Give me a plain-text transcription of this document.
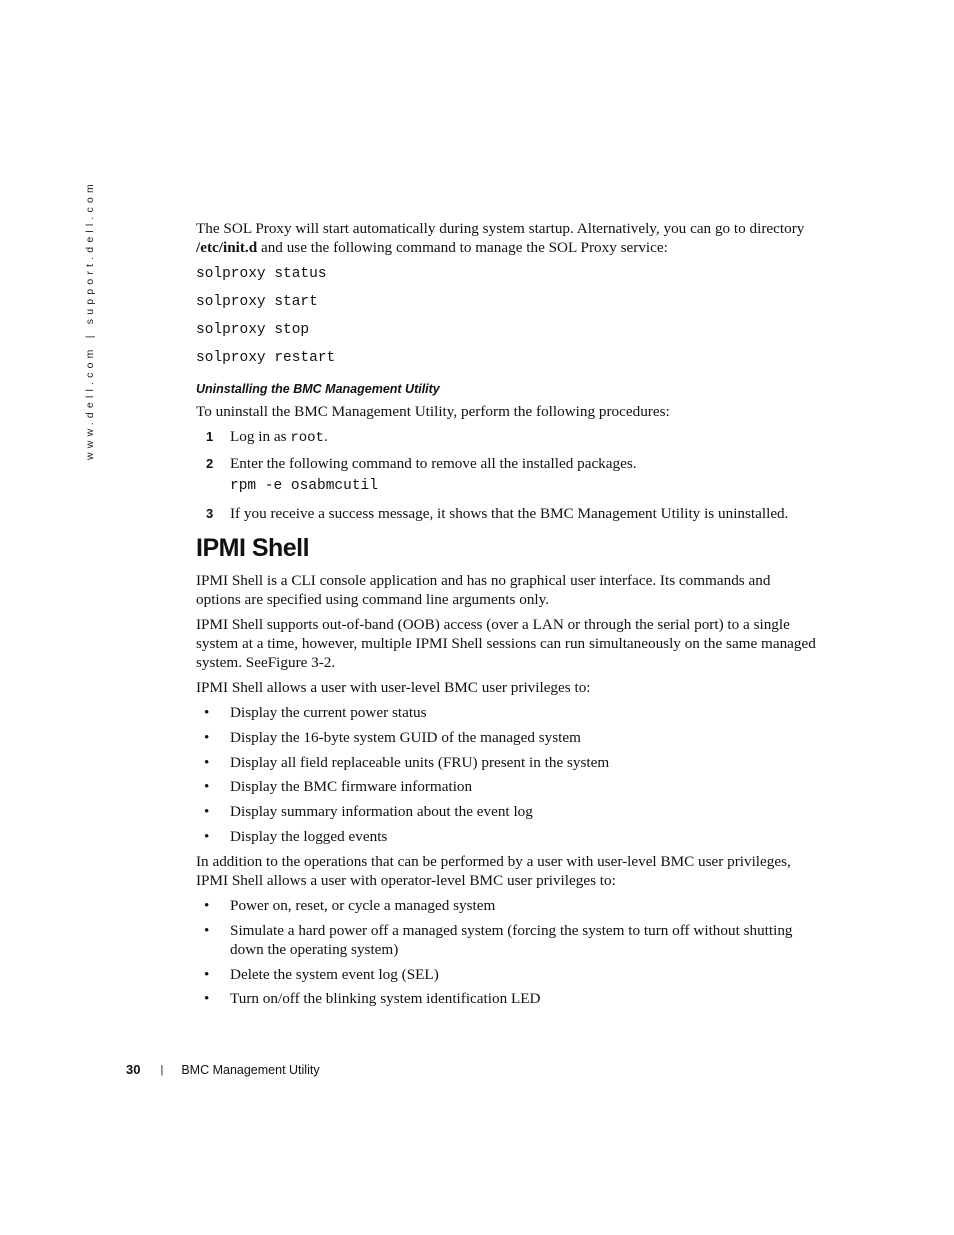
www.dell.com | support.dell.com	The SOL Proxy will start automatically during system startup. Alternatively, you can go to directory /etc/init.d and use the following command to manage the SOL Proxy service:

solproxy status
solproxy start
solproxy stop
solproxy restart
Uninstalling the BMC Management Utility

To uninstall the BMC Management Utility, perform the following procedures:

1	Log in as root.
2	Enter the following command to remove all the installed packages.
rpm -e osabmcutil
3	If you receive a success message, it shows that the BMC Management Utility is uninstalled.
IPMI Shell

IPMI Shell is a CLI console application and has no graphical user interface. Its commands and options are specified using command line arguments only.

IPMI Shell supports out-of-band (OOB) access (over a LAN or through the serial port) to a single system at a time, however, multiple IPMI Shell sessions can run simultaneously on the same managed system. SeeFigure 3-2.

IPMI Shell allows a user with user-level BMC user privileges to:

•	Display the current power status
•	Display the 16-byte system GUID of the managed system
•	Display all field replaceable units (FRU) present in the system
•	Display the BMC firmware information
•	Display summary information about the event log
•	Display the logged events

In addition to the operations that can be performed by a user with user-level BMC user privileges, IPMI Shell allows a user with operator-level BMC user privileges to:

•	Power on, reset, or cycle a managed system
•	Simulate a hard power off a managed system (forcing the system to turn off without shutting down the operating system)
•	Delete the system event log (SEL)
•	Turn on/off the blinking system identification LED
30 | BMC Management Utility
